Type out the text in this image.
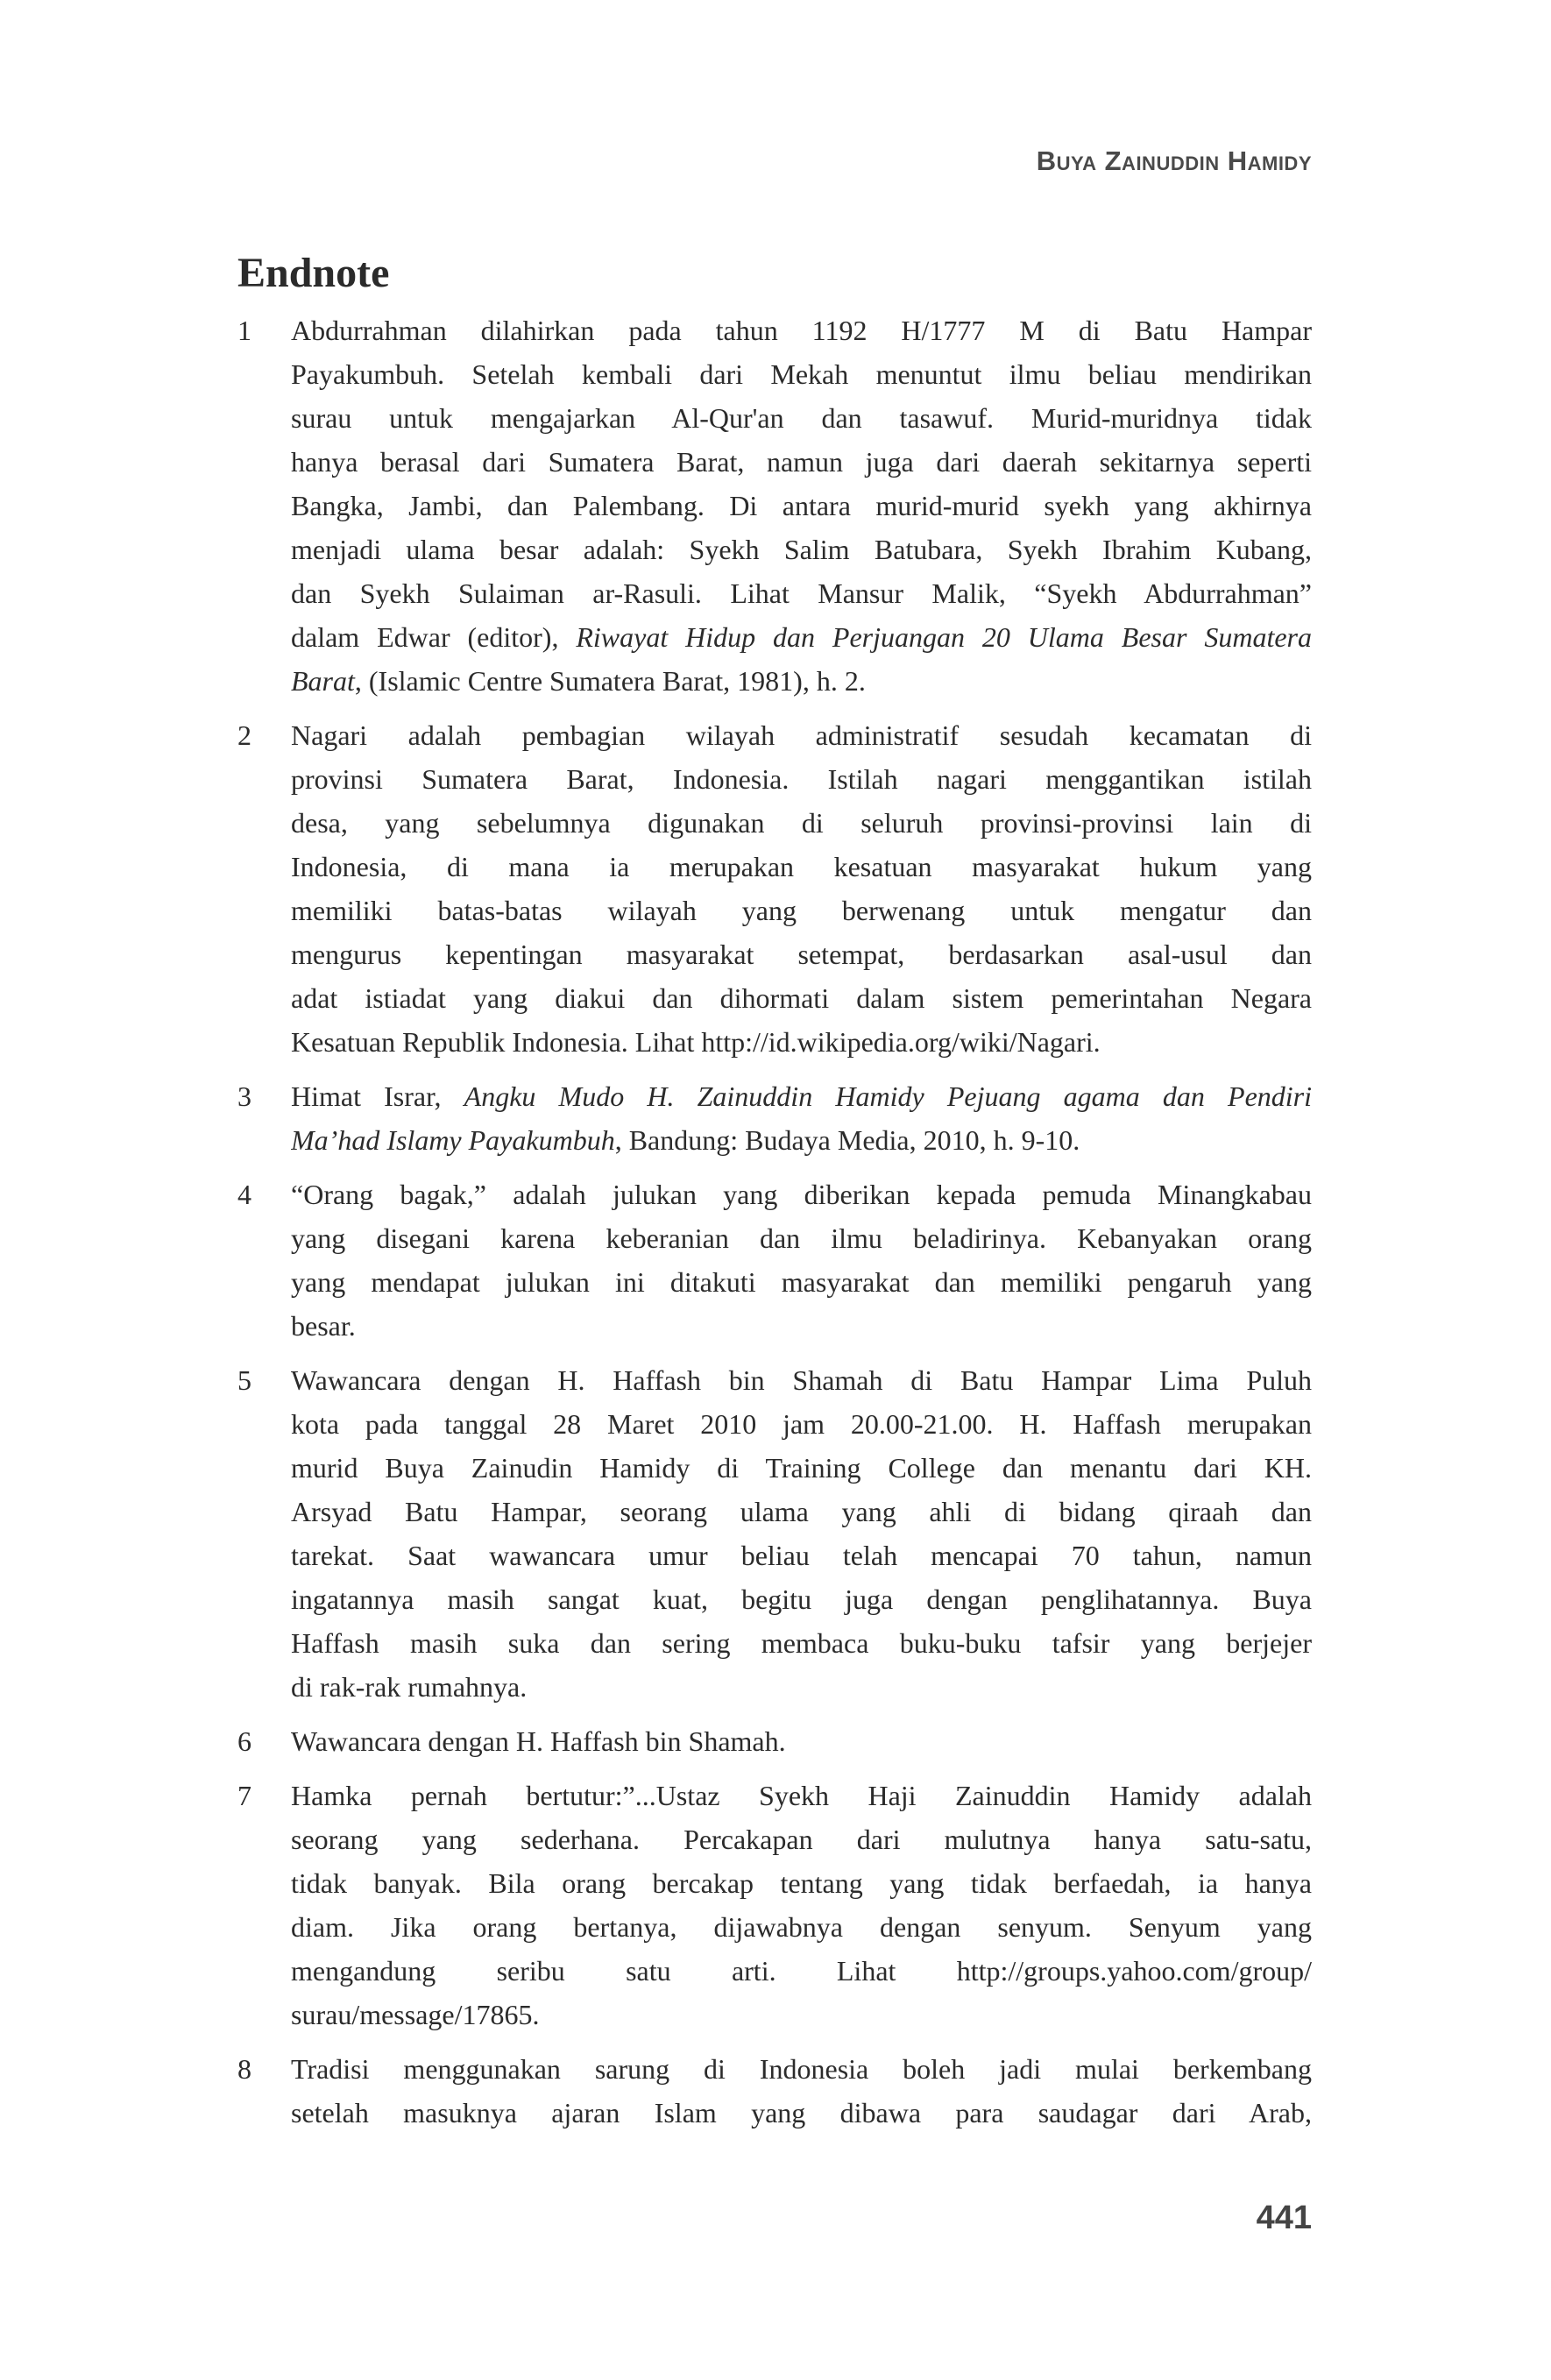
Buya Zainuddin Hamidy
Endnote
1	Abdurrahman dilahirkan pada tahun 1192 H/1777 M di Batu Hampar
Payakumbuh. Setelah kembali dari Mekah menuntut ilmu beliau mendirikan
surau untuk mengajarkan Al-Qur'an dan tasawuf. Murid-muridnya tidak
hanya berasal dari Sumatera Barat, namun juga dari daerah sekitarnya seperti
Bangka, Jambi, dan Palembang. Di antara murid-murid syekh yang akhirnya
menjadi ulama besar adalah: Syekh Salim Batubara, Syekh Ibrahim Kubang,
dan Syekh Sulaiman ar-Rasuli. Lihat Mansur Malik, “Syekh Abdurrahman”
dalam Edwar (editor), Riwayat Hidup dan Perjuangan 20 Ulama Besar Sumatera
Barat, (Islamic Centre Sumatera Barat, 1981), h. 2.
2	Nagari adalah pembagian wilayah administratif sesudah kecamatan di
provinsi Sumatera Barat, Indonesia. Istilah nagari menggantikan istilah
desa, yang sebelumnya digunakan di seluruh provinsi-provinsi lain di
Indonesia, di mana ia merupakan kesatuan masyarakat hukum yang
memiliki batas-batas wilayah yang berwenang untuk mengatur dan
mengurus kepentingan masyarakat setempat, berdasarkan asal-usul dan
adat istiadat yang diakui dan dihormati dalam sistem pemerintahan Negara
Kesatuan Republik Indonesia. Lihat http://id.wikipedia.org/wiki/Nagari.
3	Himat Israr, Angku Mudo H. Zainuddin Hamidy Pejuang agama dan Pendiri
Ma’had Islamy Payakumbuh, Bandung: Budaya Media, 2010, h. 9-10.
4	“Orang bagak,” adalah julukan yang diberikan kepada pemuda Minangkabau
yang disegani karena keberanian dan ilmu beladirinya. Kebanyakan orang
yang mendapat julukan ini ditakuti masyarakat dan memiliki pengaruh yang
besar.
5	Wawancara dengan H. Haffash bin Shamah di Batu Hampar Lima Puluh
kota pada tanggal 28 Maret 2010 jam 20.00-21.00. H. Haffash merupakan
murid Buya Zainudin Hamidy di Training College dan menantu dari KH.
Arsyad Batu Hampar, seorang ulama yang ahli di bidang qiraah dan
tarekat. Saat wawancara umur beliau telah mencapai 70 tahun, namun
ingatannya masih sangat kuat, begitu juga dengan penglihatannya. Buya
Haffash masih suka dan sering membaca buku-buku tafsir yang berjejer
di rak-rak rumahnya.
6	Wawancara dengan H. Haffash bin Shamah.
7	Hamka pernah bertutur:”...Ustaz Syekh Haji Zainuddin Hamidy adalah
seorang yang sederhana. Percakapan dari mulutnya hanya satu-satu,
tidak banyak. Bila orang bercakap tentang yang tidak berfaedah, ia hanya
diam. Jika orang bertanya, dijawabnya dengan senyum. Senyum yang
mengandung seribu satu arti. Lihat http://groups.yahoo.com/group/
surau/message/17865.
8	Tradisi menggunakan sarung di Indonesia boleh jadi mulai berkembang
setelah masuknya ajaran Islam yang dibawa para saudagar dari Arab,
441
